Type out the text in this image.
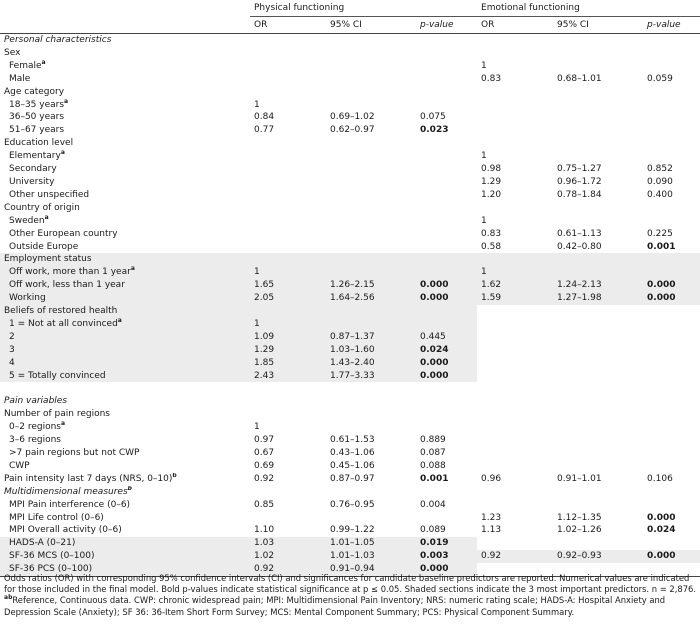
	Physical functioning			Emotional functioning		
	OR	95% CI	p-value	OR	95% CI	p-value
Personal characteristics						
Sex						
Female$^a$				1		
Male				0.83	0.68–1.01	0.059
Age category						
18–35 years$^a$	1					
36–50 years	0.84	0.69–1.02	0.075			
51–67 years	0.77	0.62–0.97	0.023			
Education level						
Elementary$^a$				1		
Secondary				0.98	0.75–1.27	0.852
University				1.29	0.96–1.72	0.090
Other unspecified				1.20	0.78–1.84	0.400
Country of origin						
Sweden$^a$				1		
Other European country				0.83	0.61–1.13	0.225
Outside Europe				0.58	0.42–0.80	0.001
Employment status						
Off work, more than 1 year$^a$	1			1		
Off work, less than 1 year	1.65	1.26–2.15	0.000	1.62	1.24–2.13	0.000
Working	2.05	1.64–2.56	0.000	1.59	1.27–1.98	0.000
Beliefs of restored health						
1 = Not at all convinced$^a$	1					
2	1.09	0.87–1.37	0.445			
3	1.29	1.03–1.60	0.024			
4	1.85	1.43–2.40	0.000			
5 = Totally convinced	2.43	1.77–3.33	0.000			

Pain variables						
Number of pain regions						
0–2 regions$^a$	1					
3–6 regions	0.97	0.61–1.53	0.889			
>7 pain regions but not CWP	0.67	0.43–1.06	0.087			
CWP	0.69	0.45–1.06	0.088			
Pain intensity last 7 days (NRS, 0–10)$^b$	0.92	0.87–0.97	0.001	0.96	0.91–1.01	0.106
Multidimensional measures$^b$						
MPI Pain interference (0–6)	0.85	0.76–0.95	0.004			
MPI Life control (0–6)				1.23	1.12–1.35	0.000
MPI Overall activity (0–6)	1.10	0.99–1.22	0.089	1.13	1.02–1.26	0.024
HADS-A (0–21)	1.03	1.01–1.05	0.019			
SF-36 MCS (0–100)	1.02	1.01–1.03	0.003	0.92	0.92–0.93	0.000
SF-36 PCS (0–100)	0.92	0.91–0.94	0.000			

Odds ratios (OR) with corresponding 95% confidence intervals (CI) and significances for candidate baseline predictors are reported. Numerical values are indicated for those included in the final model. Bold p-values indicate statistical significance at p ≤ 0.05. Shaded sections indicate the 3 most important predictors. n = 2,876.

$^{ab}$Reference, Continuous data. CWP: chronic widespread pain; MPI: Multidimensional Pain Inventory; NRS: numeric rating scale; HADS-A: Hospital Anxiety and Depression Scale (Anxiety); SF 36: 36-Item Short Form Survey; MCS: Mental Component Summary; PCS: Physical Component Summary.
